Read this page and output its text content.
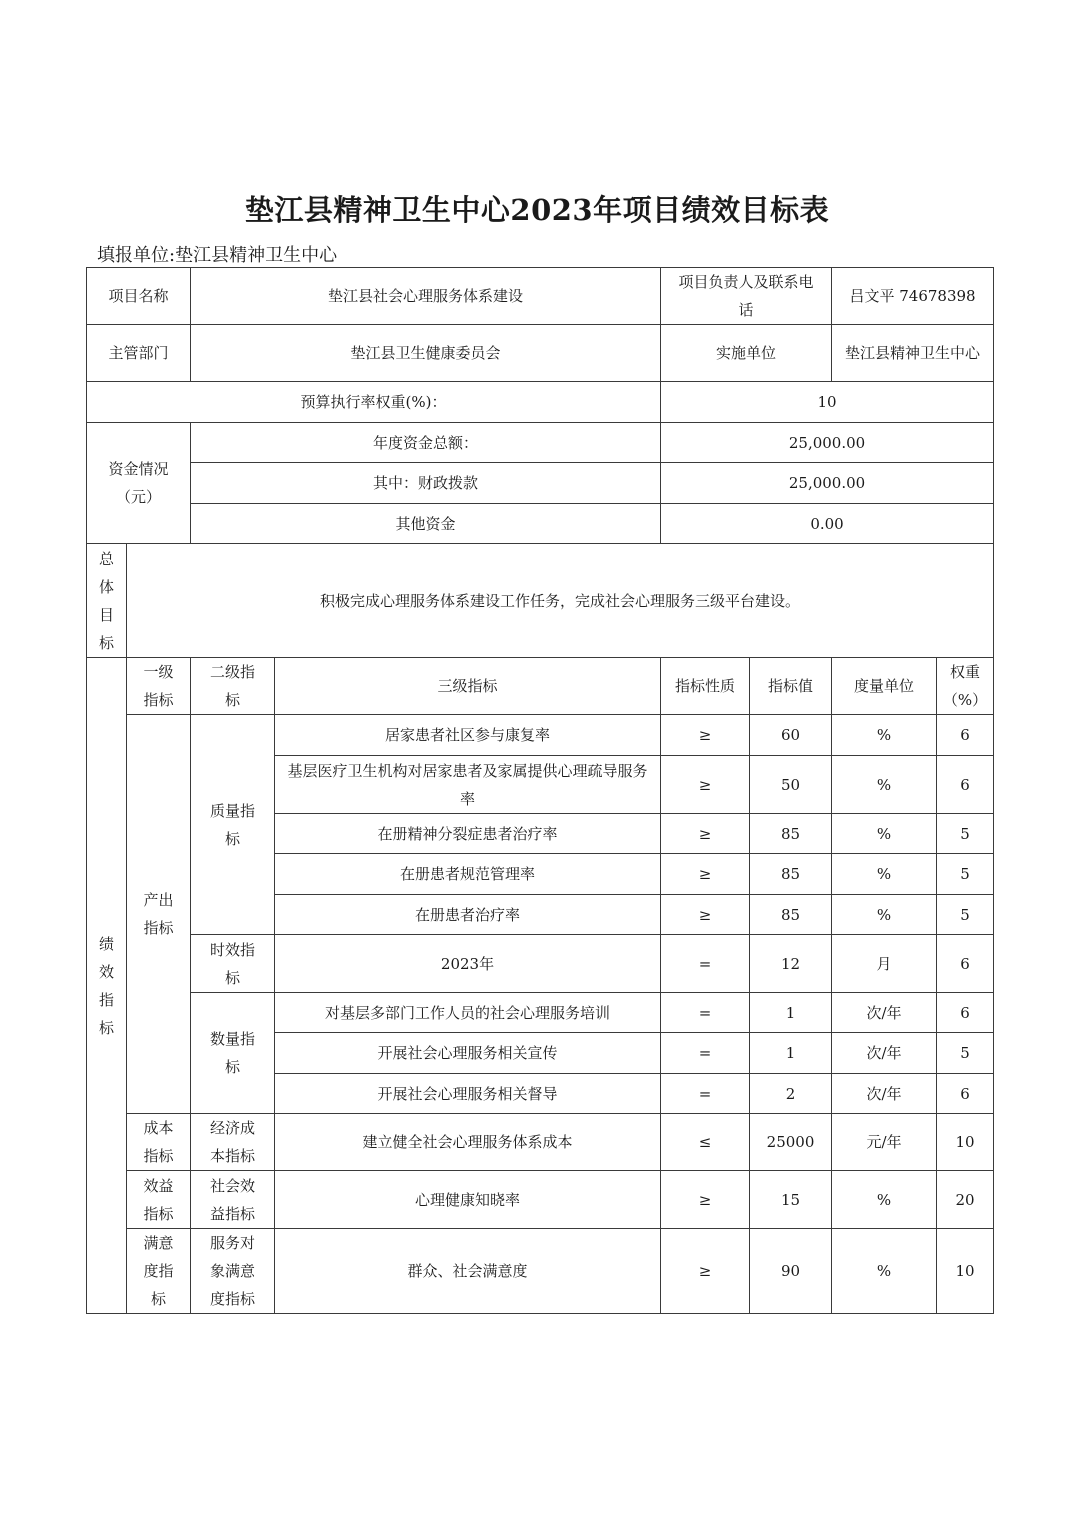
垫江县精神卫生中心2023年项目绩效目标表
填报单位:垫江县精神卫生中心
项目名称		垫江县社会心理服务体系建设		项目负责人及联系电话		吕文平 74678398	
主管部门		垫江县卫生健康委员会		实施单位		垫江县精神卫生中心	
预算执行率权重(%)：				10			
资金情况（元）		年度资金总额：		25,000.00			
		其中：财政拨款		25,000.00			
		其他资金		0.00			
总体目标	积极完成心理服务体系建设工作任务，完成社会心理服务三级平台建设。						
绩效指标	一级指标	二级指标	三级指标	指标性质	指标值	度量单位	权重（%）
	产出指标	质量指标	居家患者社区参与康复率	≥	60	%	6
			基层医疗卫生机构对居家患者及家属提供心理疏导服务率	≥	50	%	6
			在册精神分裂症患者治疗率	≥	85	%	5
			在册患者规范管理率	≥	85	%	5
			在册患者治疗率	≥	85	%	5
		时效指标	2023年	=	12	月	6
		数量指标	对基层多部门工作人员的社会心理服务培训	=	1	次/年	6
			开展社会心理服务相关宣传	=	1	次/年	5
			开展社会心理服务相关督导	=	2	次/年	6
	成本指标	经济成本指标	建立健全社会心理服务体系成本	≤	25000	元/年	10
	效益指标	社会效益指标	心理健康知晓率	≥	15	%	20
	满意度指标	服务对象满意度指标	群众、社会满意度	≥	90	%	10
